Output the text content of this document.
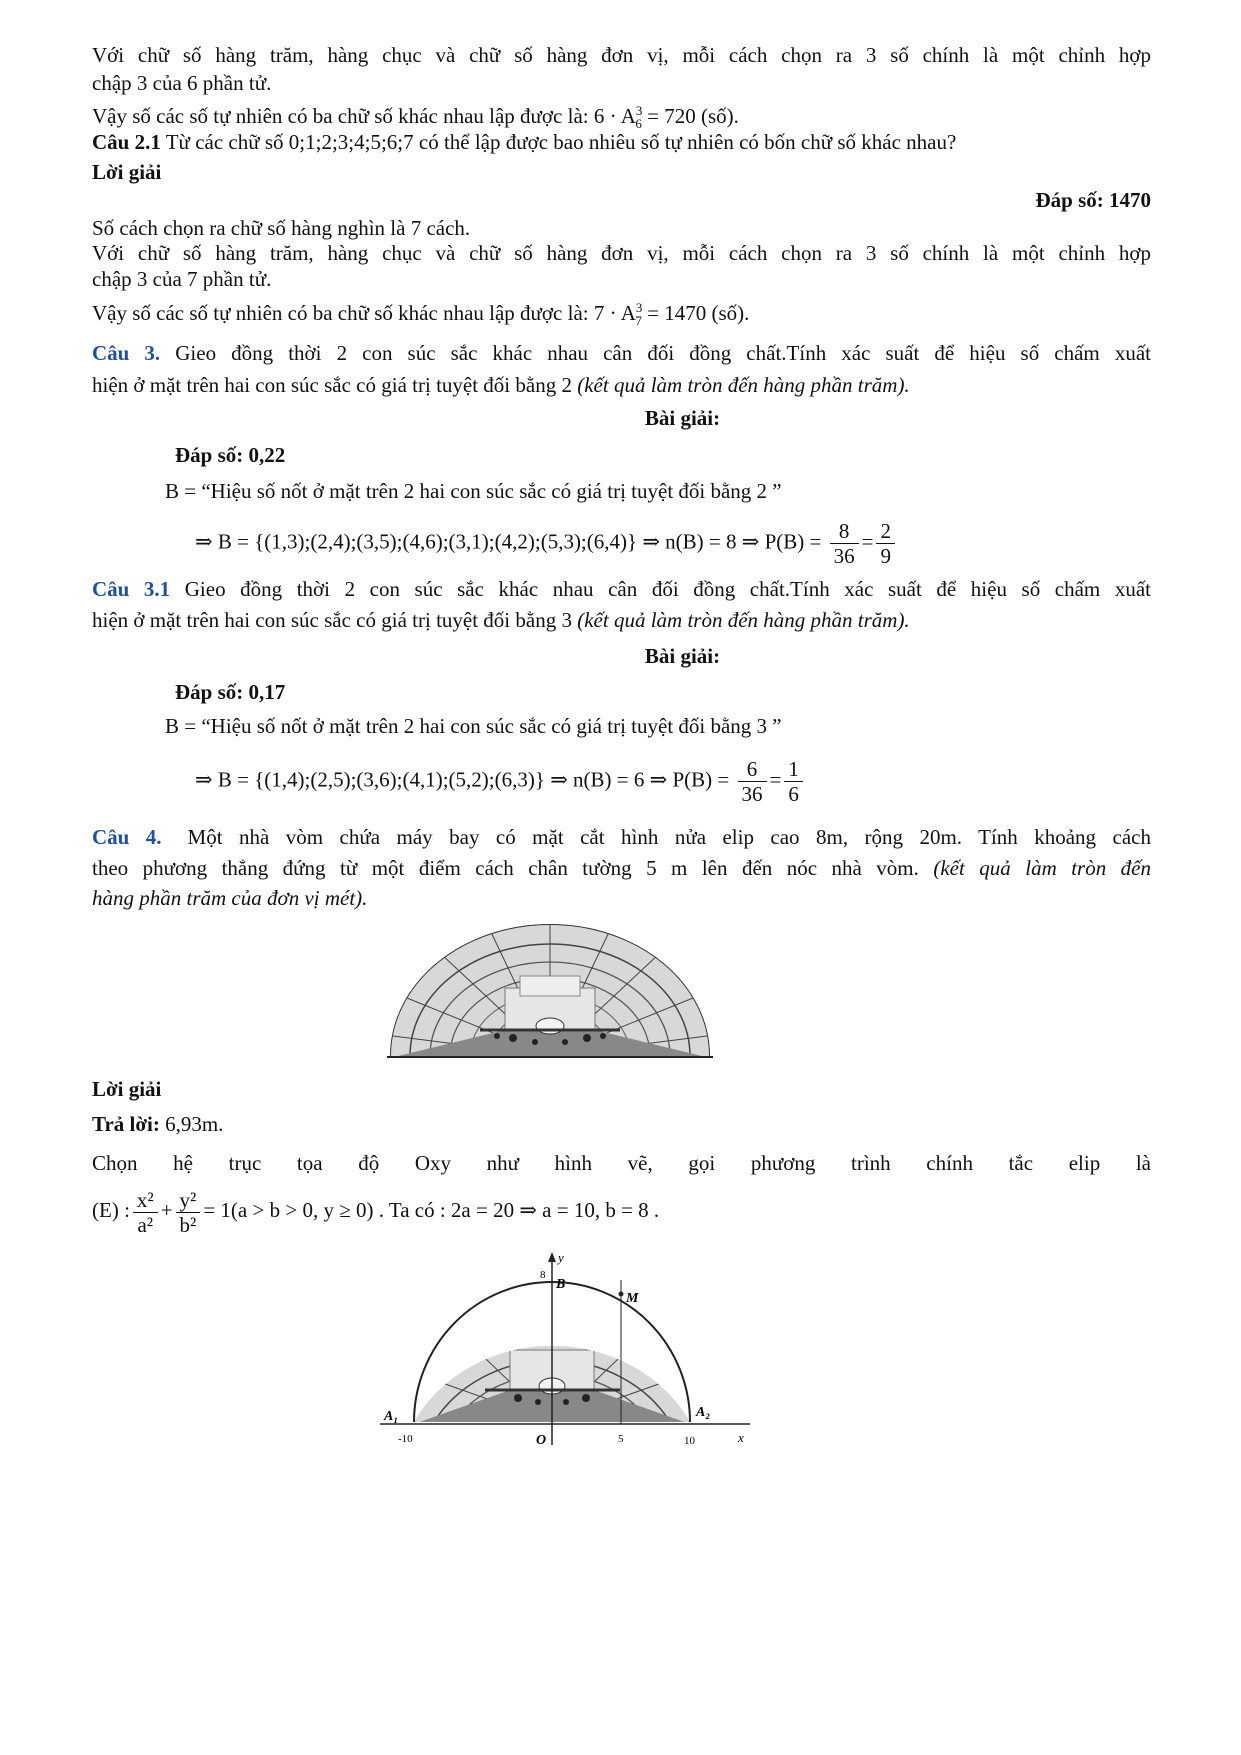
Với chữ số hàng trăm, hàng chục và chữ số hàng đơn vị, mỗi cách chọn ra 3 số chính là một chỉnh hợp
chập 3 của 6 phần tử.
Vậy số các số tự nhiên có ba chữ số khác nhau lập được là: $6 \cdot A^3_6 = 720$ (số).
Câu 2.1 Từ các chữ số 0;1;2;3;4;5;6;7 có thể lập được bao nhiêu số tự nhiên có bốn chữ số khác nhau?
Lời giải
Đáp số: 1470
Số cách chọn ra chữ số hàng nghìn là 7 cách.
Với chữ số hàng trăm, hàng chục và chữ số hàng đơn vị, mỗi cách chọn ra 3 số chính là một chỉnh hợp
chập 3 của 7 phần tử.
Vậy số các số tự nhiên có ba chữ số khác nhau lập được là: $7 \cdot A^3_7 = 1470$ (số).
Câu 3. Gieo đồng thời 2 con súc sắc khác nhau cân đối đồng chất.Tính xác suất để hiệu số chấm xuất
hiện ở mặt trên hai con súc sắc có giá trị tuyệt đối bằng 2 (kết quả làm tròn đến hàng phần trăm).
Bài giải:
Đáp số: 0,22
B = “Hiệu số nốt ở mặt trên 2 hai con súc sắc có giá trị tuyệt đối bằng 2 ”
⇒ B = {(1,3);(2,4);(3,5);(4,6);(3,1);(4,2);(5,3);(6,4)} ⇒ n(B) = 8 ⇒ $P(B) = \frac{8}{36} = \frac{2}{9}$
Câu 3.1 Gieo đồng thời 2 con súc sắc khác nhau cân đối đồng chất.Tính xác suất để hiệu số chấm xuất
hiện ở mặt trên hai con súc sắc có giá trị tuyệt đối bằng 3 (kết quả làm tròn đến hàng phần trăm).
Bài giải:
Đáp số: 0,17
B = “Hiệu số nốt ở mặt trên 2 hai con súc sắc có giá trị tuyệt đối bằng 3 ”
⇒ B = {(1,4);(2,5);(3,6);(4,1);(5,2);(6,3)} ⇒ n(B) = 6 ⇒ $P(B) = \frac{6}{36} = \frac{1}{6}$
Câu 4. Một nhà vòm chứa máy bay có mặt cắt hình nửa elip cao 8m, rộng 20m. Tính khoảng cách
theo phương thẳng đứng từ một điểm cách chân tường 5 m lên đến nóc nhà vòm. (kết quả làm tròn đến
hàng phần trăm của đơn vị mét).
Lời giải
Trả lời: 6,93m.
Chọn hệ trục tọa độ Oxy như hình vẽ, gọi phương trình chính tắc elip là
(E) : $\frac{\text{x²}}{\text{a²}} + \frac{\text{y²}}{\text{b²}} = 1(a > b > 0$, y ≥ 0) . Ta có : 2a = 20 ⇒ a = 10, b = 8 .
y
8
B
M
A₁	A₂
-10	O	5	10	x
